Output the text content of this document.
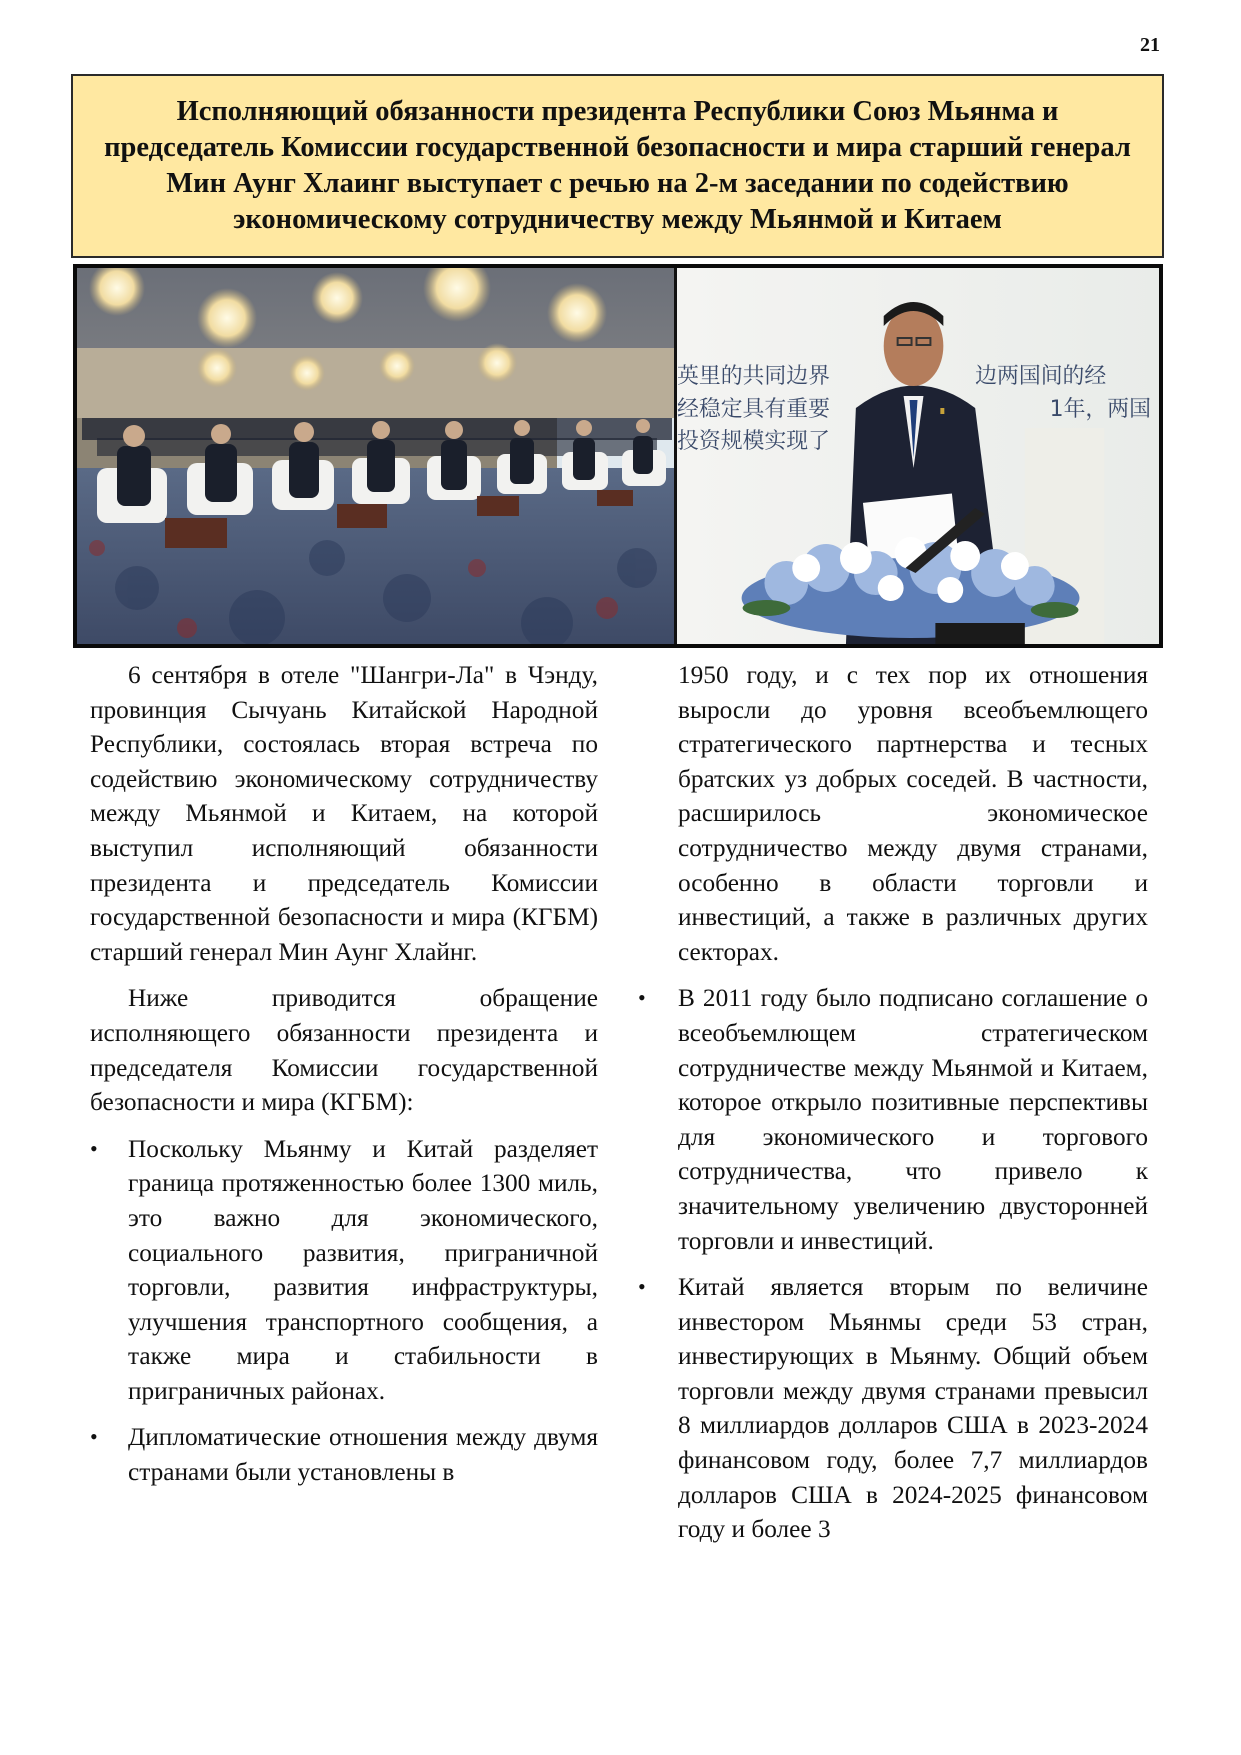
21
Исполняющий обязанности президента Республики Союз Мьянма и председатель Комиссии государственной безопасности и мира старший генерал Мин Аунг Хлаинг выступает с речью на 2-м заседании по содействию экономическому сотрудничеству между Мьянмой и Китаем
英里的共同边界	边两国间的经
经稳定具有重要	1年，两国
投资规模实现了

6 сентября в отеле "Шангри-Ла" в Чэнду, провинция Сычуань Китайской Народной Республики, состоялась вторая встреча по содействию экономическому сотрудничеству между Мьянмой и Китаем, на которой выступил исполняющий обязанности президента и председатель Комиссии государственной безопасности и мира (КГБМ) старший генерал Мин Аунг Хлайнг.

Ниже приводится обращение исполняющего обязанности президента и председателя Комиссии государственной безопасности и мира (КГБМ):

• Поскольку Мьянму и Китай разделяет граница протяженностью более 1300 миль, это важно для экономического, социального развития, приграничной торговли, развития инфраструктуры, улучшения транспортного сообщения, а также мира и стабильности в приграничных районах.
• Дипломатические отношения между двумя странами были установлены в

1950 году, и с тех пор их отношения выросли до уровня всеобъемлющего стратегического партнерства и тесных братских уз добрых соседей. В частности, расширилось экономическое сотрудничество между двумя странами, особенно в области торговли и инвестиций, а также в различных других секторах.

• В 2011 году было подписано соглашение о всеобъемлющем стратегическом сотрудничестве между Мьянмой и Китаем, которое открыло позитивные перспективы для экономического и торгового сотрудничества, что привело к значительному увеличению двусторонней торговли и инвестиций.
• Китай является вторым по величине инвестором Мьянмы среди 53 стран, инвестирующих в Мьянму. Общий объем торговли между двумя странами превысил 8 миллиардов долларов США в 2023-2024 финансовом году, более 7,7 миллиардов долларов США в 2024-2025 финансовом году и более 3
